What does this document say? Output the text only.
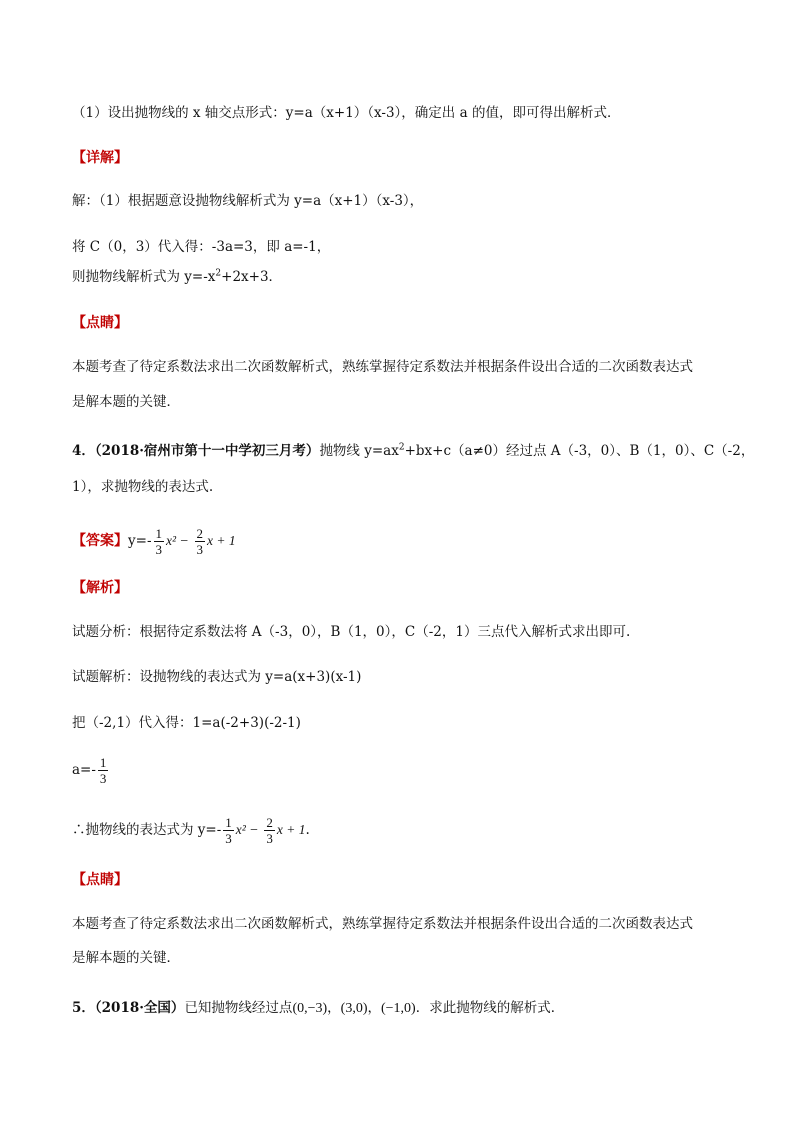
（1）设出抛物线的 x 轴交点形式：y=a（x+1）（x-3），确定出 a 的值，即可得出解析式．
【详解】
解：（1）根据题意设抛物线解析式为 y=a（x+1）（x-3），
将 C（0，3）代入得：-3a=3，即 a=-1，
则抛物线解析式为 $y=-x^2+2x+3$．
【点睛】
本题考查了待定系数法求出二次函数解析式，熟练掌握待定系数法并根据条件设出合适的二次函数表达式
是解本题的关键．
4．（2018·宿州市第十一中学初三月考）抛物线 $y=ax^2+bx+c(a\ne 0)$经过点 A（-3，0）、B（1，0）、C（-2，
1），求抛物线的表达式.
【答案】$y=- \frac{1}{3} x^2 - \frac{2}{3}$ x + 1
【解析】
试题分析：根据待定系数法将 A（-3，0），B（1，0），C（-2，1）三点代入解析式求出即可.
试题解析：设抛物线的表达式为 y=a(x+3)(x-1)
把（-2,1）代入得：1=a(-2+3)(-2-1)
$a=- \frac{1}{3}$
∴抛物线的表达式为 $y=- \frac{1}{3} x^2 - \frac{2}{3}$ x + 1.
【点睛】
本题考查了待定系数法求出二次函数解析式，熟练掌握待定系数法并根据条件设出合适的二次函数表达式
是解本题的关键．
5．（2018·全国）已知抛物线经过点(0,−3)，(3,0)，(−1,0)．求此抛物线的解析式．
